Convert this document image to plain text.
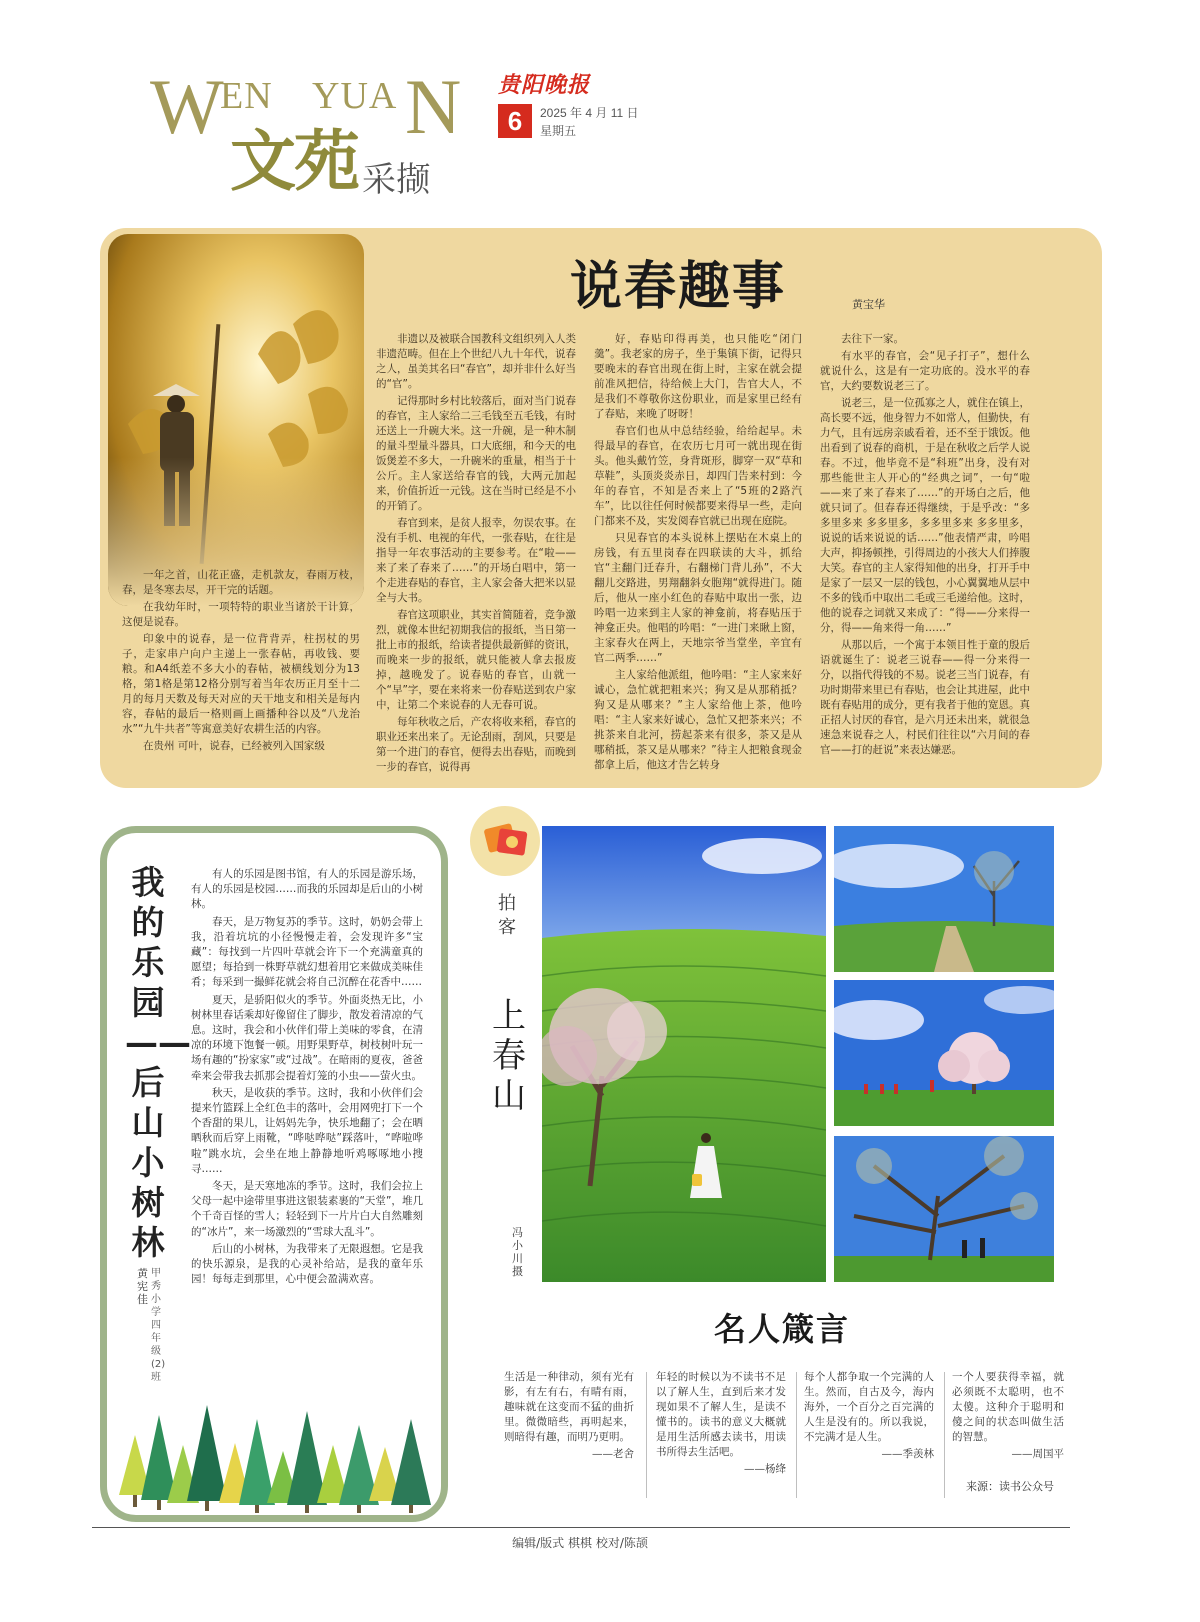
W
EN YUA N
文苑 采撷
贵阳晚报
6	2025 年 4 月 11 日
星期五
说春趣事	黄宝华

一年之首，山花正盛，走机款友，春雨万枝，春，是冬寒去尽，开干完的话题。

在我幼年时，一项特特的职业当诸於干计算，这便是说春。

印象中的说春，是一位背背弄，柱拐杖的男子，走家串户向户主递上一张春帖，再收钱、要粮。和A4纸差不多大小的春帖，被横线划分为13格，第1格是第12格分别写着当年农历正月至十二月的每月天数及每天对应的天干地支和相关是每内容，春帖的最后一格则画上画播种谷以及“八龙治水”“九牛共者”等寓意美好农耕生活的内容。

在贵州 可叶，说春，已经被列入国家级

非遗以及被联合国教科文组织列入人类非遗范畴。但在上个世纪八九十年代，说春之人，虽美其名曰“春官”，却并非什么好当的“官”。

记得那时乡村比较落后，面对当门说春的春官，主人家给二三毛钱至五毛钱，有时还送上一升碗大米。这一升碗，是一种木制的量斗型量斗器具，口大底细，和今天的电饭煲差不多大，一升碗米的重量，相当于十公斤。主人家送给春官的钱，大两元加起来，价值折近一元钱。这在当时已经是不小的开销了。

春官到来，是贫人报幸，勿误农事。在没有手机、电视的年代，一张春贴，在往是指导一年农事活动的主要参考。在“啦——来了来了春来了……”的开场白唱中，第一个走进春贴的春官，主人家会备大把米以显全与大书。

春官这项职业，其实首简随着，竞争激烈，就像本世纪初期我信的报纸，当日第一批上市的报纸，给读者提供最新鲜的资讯，而晚来一步的报纸，就只能被人拿去报废掉，越晚发了。说春贴的春官，山就一个“早”字，要在来将来一份春贴送到农户家中，让第二个来说春的人无春可说。

每年秋收之后，产农将收来稻，春官的职业还来出来了。无论刮雨，刮风，只要是第一个进门的春官，便得去出春贴，而晚到一步的春官，说得再

好，春贴印得再美，也只能吃“闭门羹”。我老家的房子，坐于集镇下街，记得只要晚末的春官出现在街上时，主家在就会提前准风把信，待给候上大门，告官大人，不是我们不尊敬你这份职业，而是家里已经有了春贴，来晚了呀呀！

春官们也从中总结经验，给给起早。未得最早的春官，在农历七月可一就出现在街头。他头戴竹笠，身背斑形，脚穿一双“草和草鞋”，头顶炎炎赤日，却四门告来村到：今年的春官，不知是否来上了“5班的2路汽车”，比以往任何时候都要来得早一些，走向门都来不及，实发阅春官就已出现在庭院。

只见春官的本头说林上摆贴在木桌上的房钱，有五里岗春在四联读的大斗，抓给官“主翻门迁春升，右翻梯门背儿孙”，不大翻儿交路进，男翔翻斜女胞翔“就得进门。随后，他从一座小红色的春贴中取出一张，边吟唱一边来到主人家的神龛前，将春贴压于神龛正央。他唱的吟唱：“一进门来瞅上窗，主家春火在两上，天地宗爷当堂坐，辛宜有官二两季……”

主人家给他派组，他吟唱：“主人家来好诚心，急忙就把粗来兴；狗又是从那稍抵？狗又是从哪来？”主人家给他上茶，他吟唱：“主人家来好诚心，急忙又把茶来兴；不挑茶来自北河，捞起茶来有很多，茶又是从哪稍抵，茶又是从哪来？”待主人把粮食现金都拿上后，他这才告乞转身

去往下一家。

有水平的春官，会“见子打子”，想什么就说什么，这是有一定功底的。没水平的春官，大约要数说老三了。

说老三，是一位孤寡之人，就住在镇上，高长要不远，他身智力不如常人，但勤快，有力气，且有远房亲戚看着，还不至于饿饭。他出看到了说春的商机，于是在秋收之后学人说春。不过，他毕竟不是“科班”出身，没有对那些能世主人开心的“经典之词”，一句“啦——来了来了春来了……”的开场白之后，他就只词了。但春春还得继续，于是乎改：“多多里多来 多多里多，多多里多来 多多里多，说说的话来说说的话……”他表情严肃，吟唱大声，抑扬顿挫，引得周边的小孩大人们捧腹大笑。春官的主人家得知他的出身，打开手中是家了一层又一层的钱包，小心翼翼地从层中不多的钱币中取出二毛或三毛递给他。这时，他的说春之词就又来成了：“得——分来得一分，得——角来得一角……”

从那以后，一个寓于本领目性于童的殷后语就诞生了：说老三说春——得一分来得一分，以指代得钱的不易。说老三当门说春，有功时期带来里已有春贴，也会让其进屋，此中既有春贴用的成分，更有我者于他的宽恩。真正招人讨厌的春官，是六月还未出来，就很急速急来说春之人，村民们往往以“六月间的春官——打的赶说”来表达嫌恶。

我的乐园——后山小树林
黄宪佳
甲秀小学四年级(2)班

有人的乐园是图书馆，有人的乐园是游乐场，有人的乐园是校园……而我的乐园却是后山的小树林。

春天，是万物复苏的季节。这时，奶奶会带上我，沿着坑坑的小径慢慢走着，会发现许多“宝藏”：每找到一片四叶草就会许下一个充满童真的愿望；每拾到一株野草就幻想着用它来做成美味佳肴；每采到一撮鲜花就会将自己沉醉在花香中……

夏天，是骄阳似火的季节。外面炎热无比，小树林里春话乘却好像留住了脚步，散发着清凉的气息。这时，我会和小伙伴们带上美味的零食，在清凉的环境下饱餐一顿。用野果野草，树枝树叶玩一场有趣的“扮家家”或“过战”。在暗雨的夏夜，爸爸牵来会带我去抓那会提着灯笼的小虫——萤火虫。

秋天，是收获的季节。这时，我和小伙伴们会提来竹篮踩上全红色丰的落叶，会用网兜打下一个个香甜的果儿，让妈妈先争，快乐地翻了；会在晒晒秋而后穿上雨靴，“哗哒哗哒”踩落叶，“哗啦哗啦”跳水坑，会坐在地上静静地听鸡啄啄地小搜寻……

冬天，是天寒地冻的季节。这时，我们会拉上父母一起中途带里事进这银装素裹的“天堂”，堆几个千奇百怪的雪人；轻轻到下一片片白大自然雕刻的“冰片”，来一场激烈的“雪球大乱斗”。

后山的小树林，为我带来了无限遐想。它是我的快乐源泉，是我的心灵补给站，是我的童年乐园！每每走到那里，心中便会盈满欢喜。

拍客
上春山
冯小川摄
名人箴言
生活是一种律动，须有光有影，有左有右，有晴有雨，趣味就在这变而不猛的曲折里。微微暗些，再明起来，则暗得有趣，而明乃更明。
——老舍
年轻的时候以为不读书不足以了解人生，直到后来才发现如果不了解人生，是读不懂书的。读书的意义大概就是用生活所感去读书，用读书所得去生活吧。
——杨绛
每个人都争取一个完满的人生。然而，自古及今，海内海外，一个百分之百完满的人生是没有的。所以我说，不完满才是人生。
——季羡林
一个人要获得幸福，就必须既不太聪明，也不太傻。这种介于聪明和傻之间的状态叫做生活的智慧。
——周国平
来源：读书公众号
编辑/版式 棋棋 校对/陈颉
